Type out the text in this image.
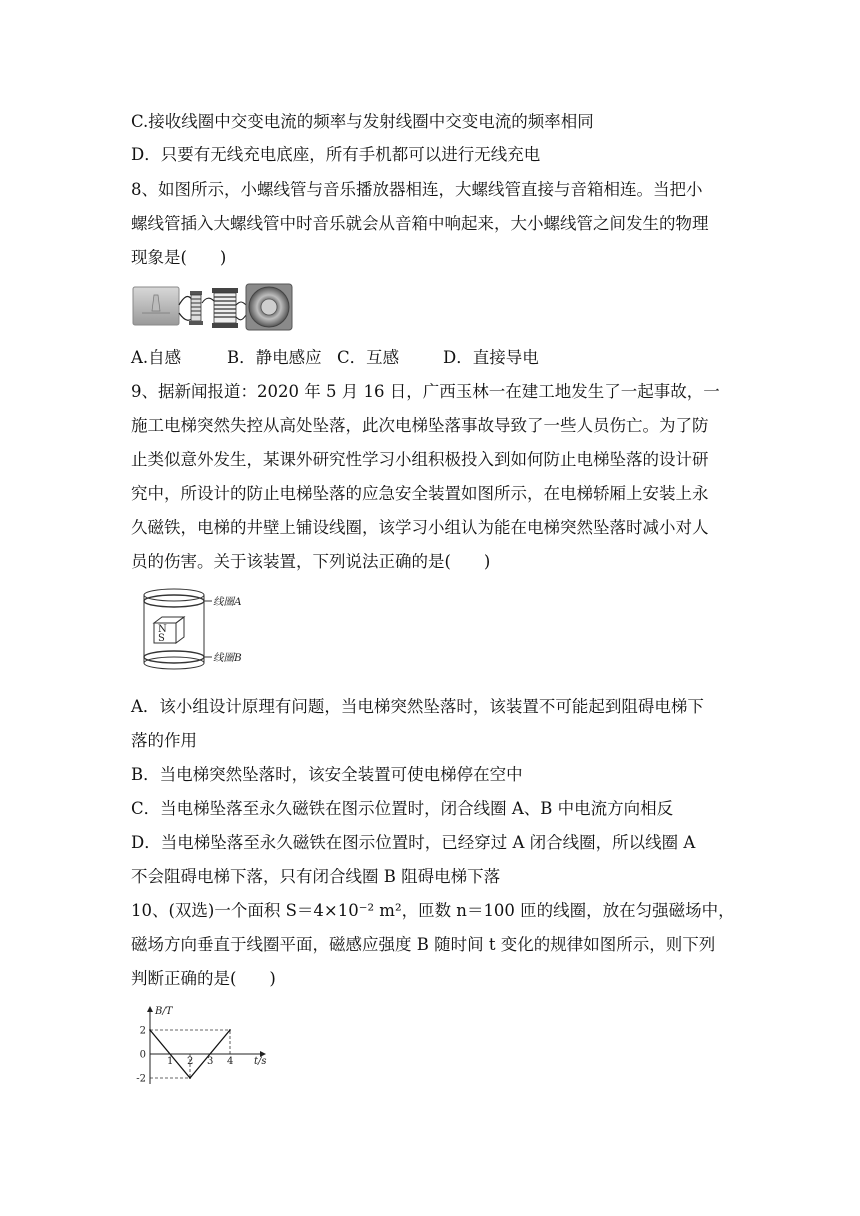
C.接收线圈中交变电流的频率与发射线圈中交变电流的频率相同
D．只要有无线充电底座，所有手机都可以进行无线充电
8、如图所示，小螺线管与音乐播放器相连，大螺线管直接与音箱相连。当把小
螺线管插入大螺线管中时音乐就会从音箱中响起来，大小螺线管之间发生的物理
现象是(　　)
A.自感	B．静电感应 C．互感	D．直接导电
9、据新闻报道：2020 年 5 月 16 日，广西玉林一在建工地发生了一起事故，一
施工电梯突然失控从高处坠落，此次电梯坠落事故导致了一些人员伤亡。为了防
止类似意外发生，某课外研究性学习小组积极投入到如何防止电梯坠落的设计研
究中，所设计的防止电梯坠落的应急安全装置如图所示，在电梯轿厢上安装上永
久磁铁，电梯的井壁上铺设线圈，该学习小组认为能在电梯突然坠落时减小对人
员的伤害。关于该装置，下列说法正确的是(　　)
N
S
线圈A
线圈B
A．该小组设计原理有问题，当电梯突然坠落时，该装置不可能起到阻碍电梯下
落的作用
B．当电梯突然坠落时，该安全装置可使电梯停在空中
C．当电梯坠落至永久磁铁在图示位置时，闭合线圈 A、B 中电流方向相反
D．当电梯坠落至永久磁铁在图示位置时，已经穿过 A 闭合线圈，所以线圈 A
不会阻碍电梯下落，只有闭合线圈 B 阻碍电梯下落
10、(双选)一个面积 S＝4×10⁻² m²，匝数 n＝100 匝的线圈，放在匀强磁场中，
磁场方向垂直于线圈平面，磁感应强度 B 随时间 t 变化的规律如图所示，则下列
判断正确的是(　　)
1 2 3 4
2
0
-2
t/s
B/T
